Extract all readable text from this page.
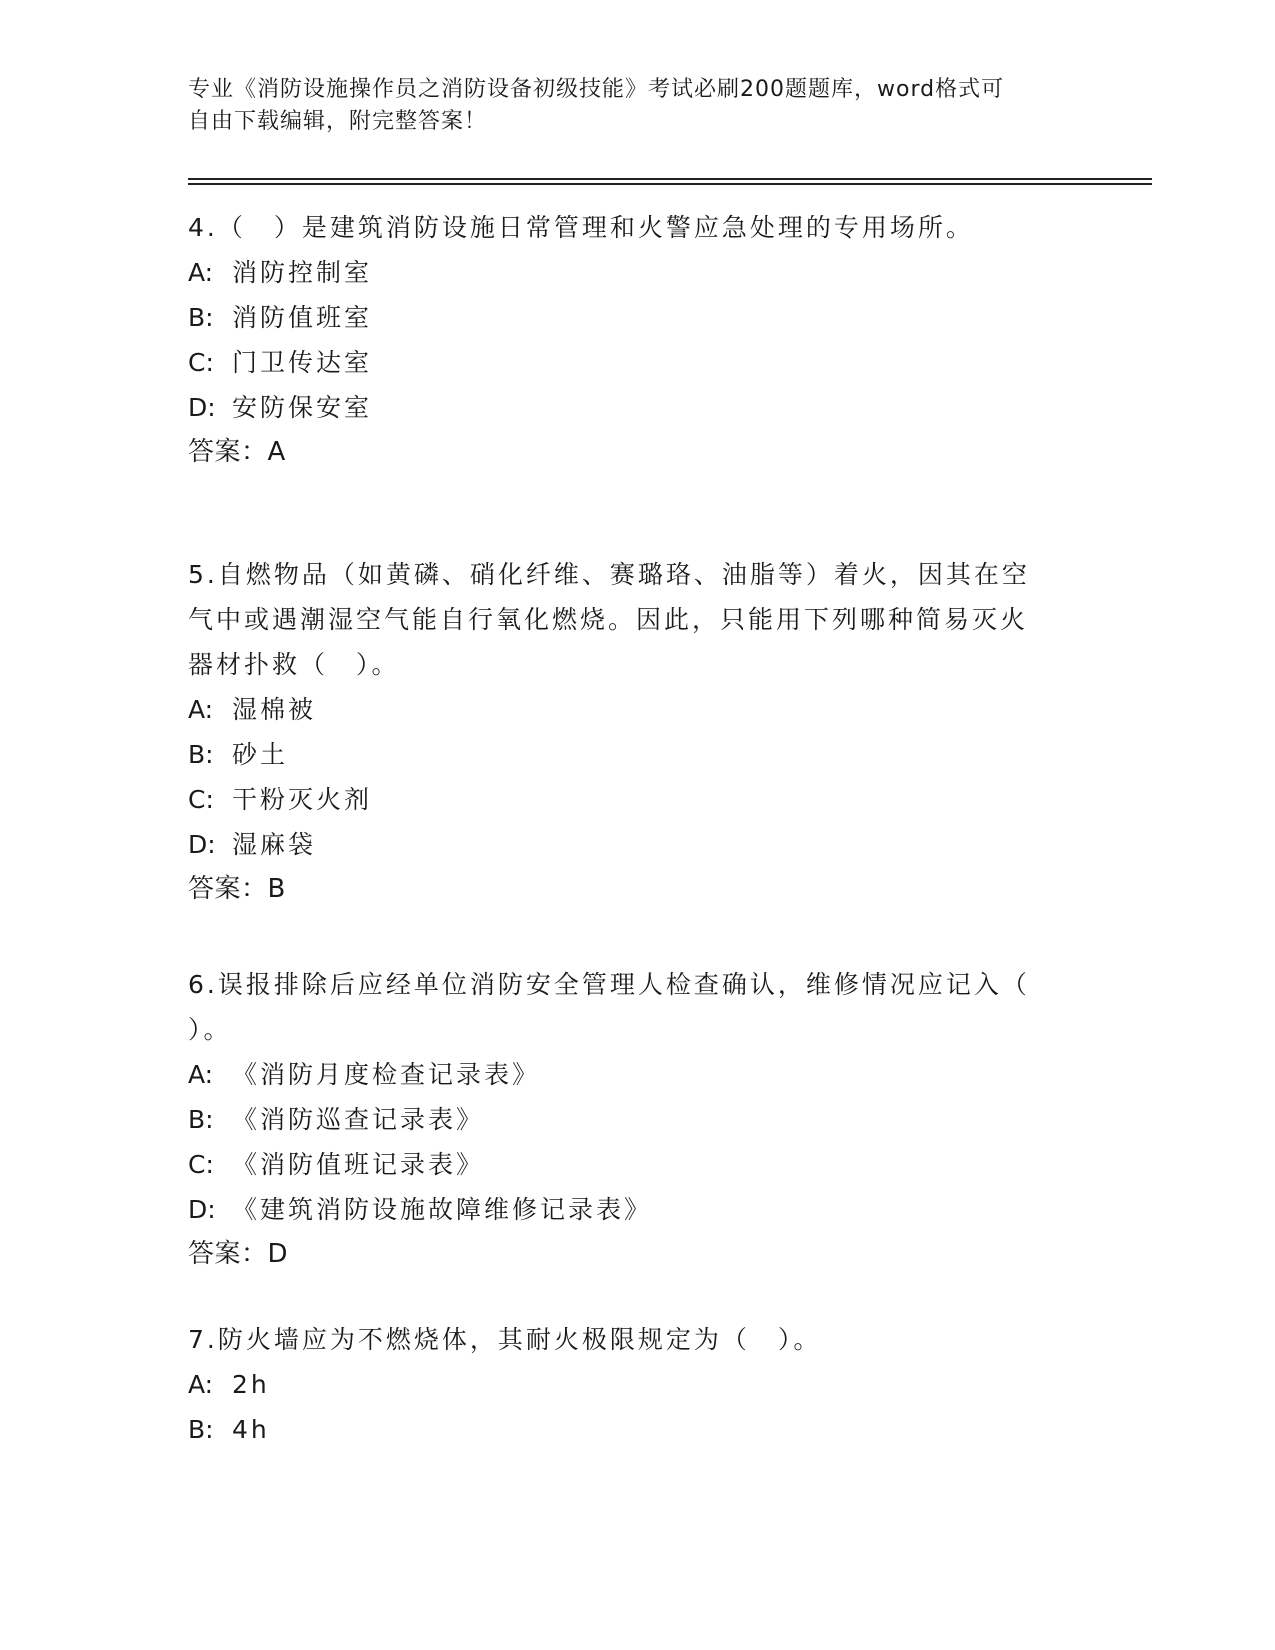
专业《消防设施操作员之消防设备初级技能》考试必刷200题题库，word格式可

自由下载编辑，附完整答案！

4.（　）是建筑消防设施日常管理和火警应急处理的专用场所。

A: 消防控制室

B: 消防值班室

C: 门卫传达室

D: 安防保安室

答案：A

5.自燃物品（如黄磷、硝化纤维、赛璐珞、油脂等）着火，因其在空

气中或遇潮湿空气能自行氧化燃烧。因此，只能用下列哪种简易灭火

器材扑救（　）。

A: 湿棉被

B: 砂土

C: 干粉灭火剂

D: 湿麻袋

答案：B

6.误报排除后应经单位消防安全管理人检查确认，维修情况应记入（

）。

A: 《消防月度检查记录表》

B: 《消防巡查记录表》

C: 《消防值班记录表》

D: 《建筑消防设施故障维修记录表》

答案：D

7.防火墙应为不燃烧体，其耐火极限规定为（　）。

A: 2h

B: 4h
